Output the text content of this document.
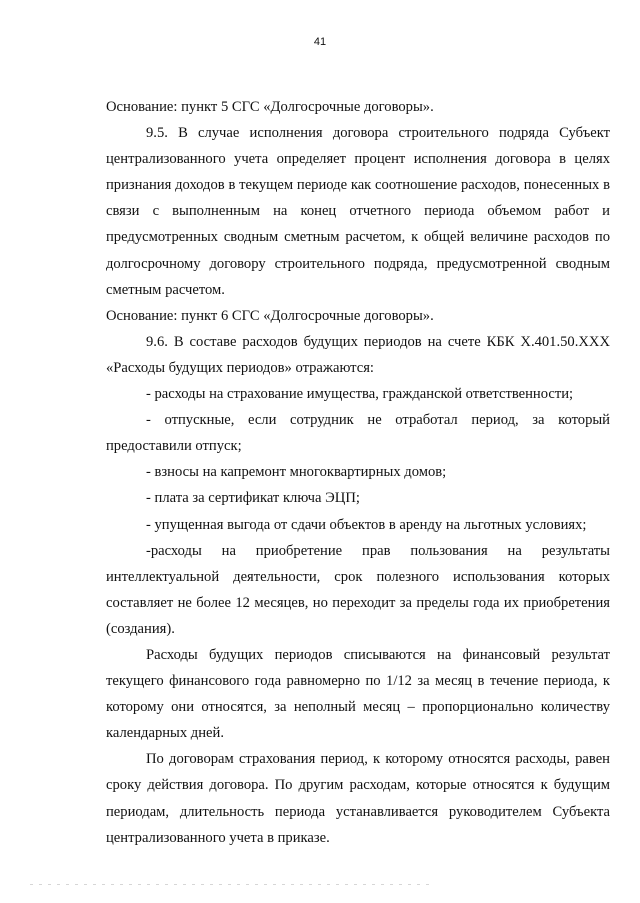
41

Основание: пункт 5 СГС «Долгосрочные договоры».

9.5. В случае исполнения договора строительного подряда Субъект централизованного учета определяет процент исполнения договора в целях признания доходов в текущем периоде как соотношение расходов, понесенных в связи с выполненным на конец отчетного периода объемом работ и предусмотренных сводным сметным расчетом, к общей величине расходов по долгосрочному договору строительного подряда, предусмотренной сводным сметным расчетом.

Основание: пункт 6 СГС «Долгосрочные договоры».

9.6. В составе расходов будущих периодов на счете КБК X.401.50.XXX «Расходы будущих периодов» отражаются:

- расходы на страхование имущества, гражданской ответственности;

- отпускные, если сотрудник не отработал период, за который предоставили отпуск;

- взносы на капремонт многоквартирных домов;

- плата за сертификат ключа ЭЦП;

- упущенная выгода от сдачи объектов в аренду на льготных условиях;

-расходы на приобретение прав пользования на результаты интеллектуальной деятельности, срок полезного использования которых составляет не более 12 месяцев, но переходит за пределы года их приобретения (создания).

Расходы будущих периодов списываются на финансовый результат текущего финансового года равномерно по 1/12 за месяц в течение периода, к которому они относятся, за неполный месяц – пропорционально количеству календарных дней.

По договорам страхования период, к которому относятся расходы, равен сроку действия договора. По другим расходам, которые относятся к будущим периодам, длительность периода устанавливается руководителем Субъекта централизованного учета в приказе.
